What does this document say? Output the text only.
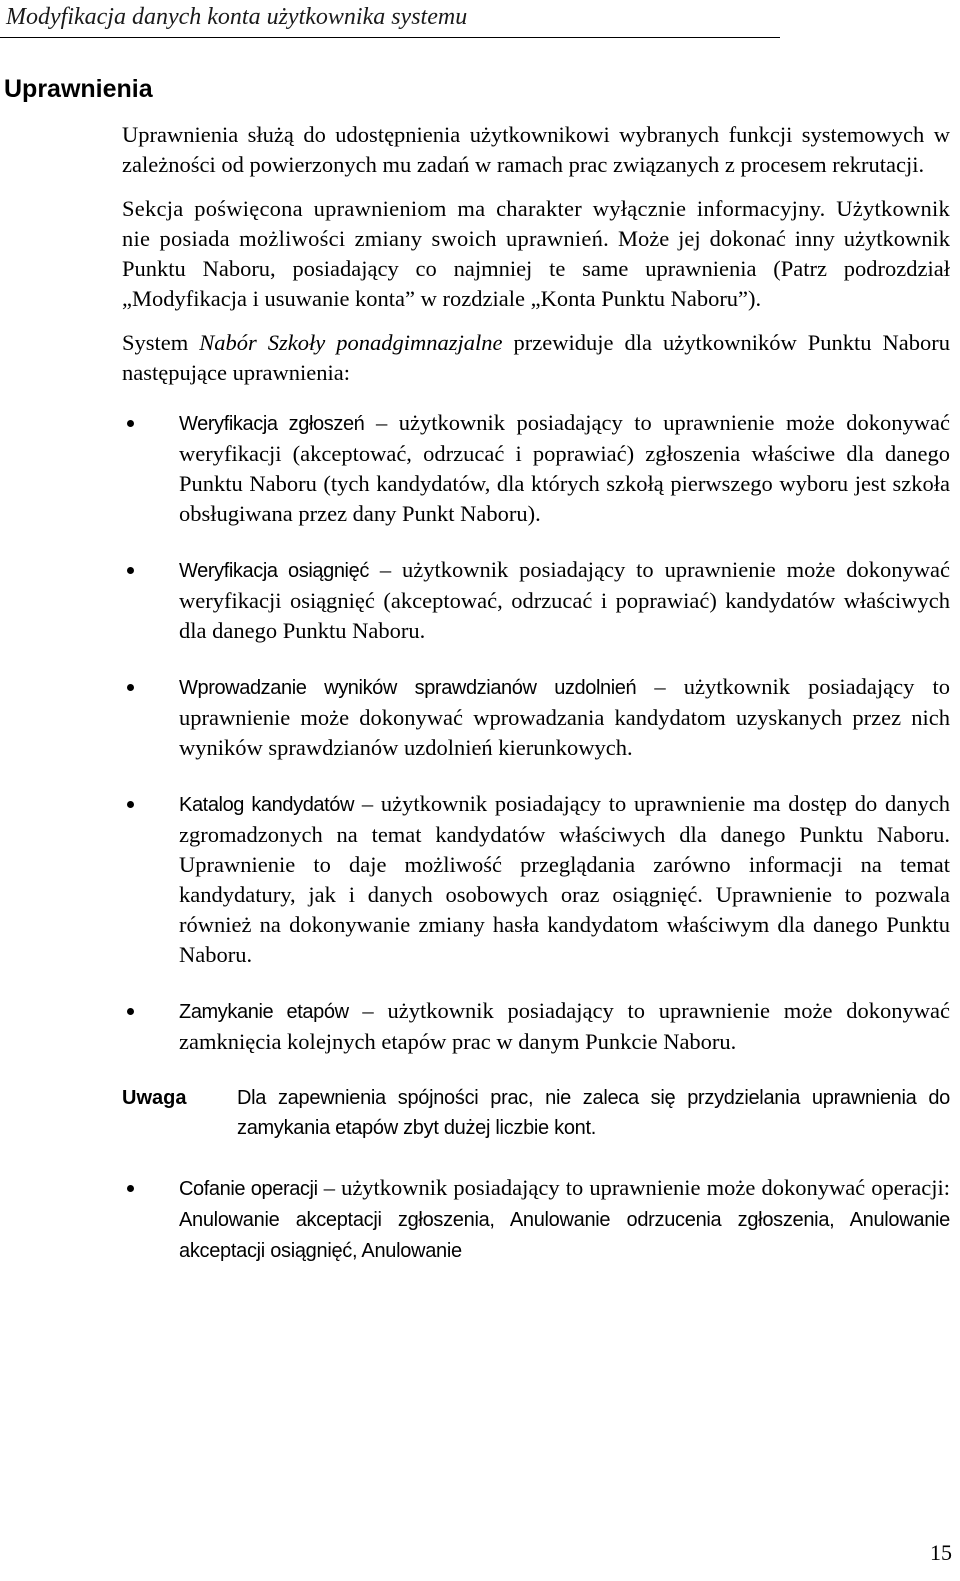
Modyfikacja danych konta użytkownika systemu
Uprawnienia

Uprawnienia służą do udostępnienia użytkownikowi wybranych funkcji systemowych w zależności od powierzonych mu zadań w ramach prac związanych z procesem rekrutacji.

Sekcja poświęcona uprawnieniom ma charakter wyłącznie informacyjny. Użytkownik nie posiada możliwości zmiany swoich uprawnień. Może jej dokonać inny użytkownik Punktu Naboru, posiadający co najmniej te same uprawnienia (Patrz podrozdział „Modyfikacja i usuwanie konta” w rozdziale „Konta Punktu Naboru”).

System Nabór Szkoły ponadgimnazjalne przewiduje dla użytkowników Punktu Naboru następujące uprawnienia:

Weryfikacja zgłoszeń – użytkownik posiadający to uprawnienie może dokonywać weryfikacji (akceptować, odrzucać i poprawiać) zgłoszenia właściwe dla danego Punktu Naboru (tych kandydatów, dla których szkołą pierwszego wyboru jest szkoła obsługiwana przez dany Punkt Naboru).
Weryfikacja osiągnięć – użytkownik posiadający to uprawnienie może dokonywać weryfikacji osiągnięć (akceptować, odrzucać i poprawiać) kandydatów właściwych dla danego Punktu Naboru.
Wprowadzanie wyników sprawdzianów uzdolnień – użytkownik posiadający to uprawnienie może dokonywać wprowadzania kandydatom uzyskanych przez nich wyników sprawdzianów uzdolnień kierunkowych.
Katalog kandydatów – użytkownik posiadający to uprawnienie ma dostęp do danych zgromadzonych na temat kandydatów właściwych dla danego Punktu Naboru. Uprawnienie to daje możliwość przeglądania zarówno informacji na temat kandydatury, jak i danych osobowych oraz osiągnięć. Uprawnienie to pozwala również na dokonywanie zmiany hasła kandydatom właściwym dla danego Punktu Naboru.
Zamykanie etapów – użytkownik posiadający to uprawnienie może dokonywać zamknięcia kolejnych etapów prac w danym Punkcie Naboru.
Uwaga	Dla zapewnienia spójności prac, nie zaleca się przydzielania uprawnienia do zamykania etapów zbyt dużej liczbie kont.
Cofanie operacji – użytkownik posiadający to uprawnienie może dokonywać operacji: Anulowanie akceptacji zgłoszenia, Anulowanie odrzucenia zgłoszenia, Anulowanie akceptacji osiągnięć, Anulowanie
15
